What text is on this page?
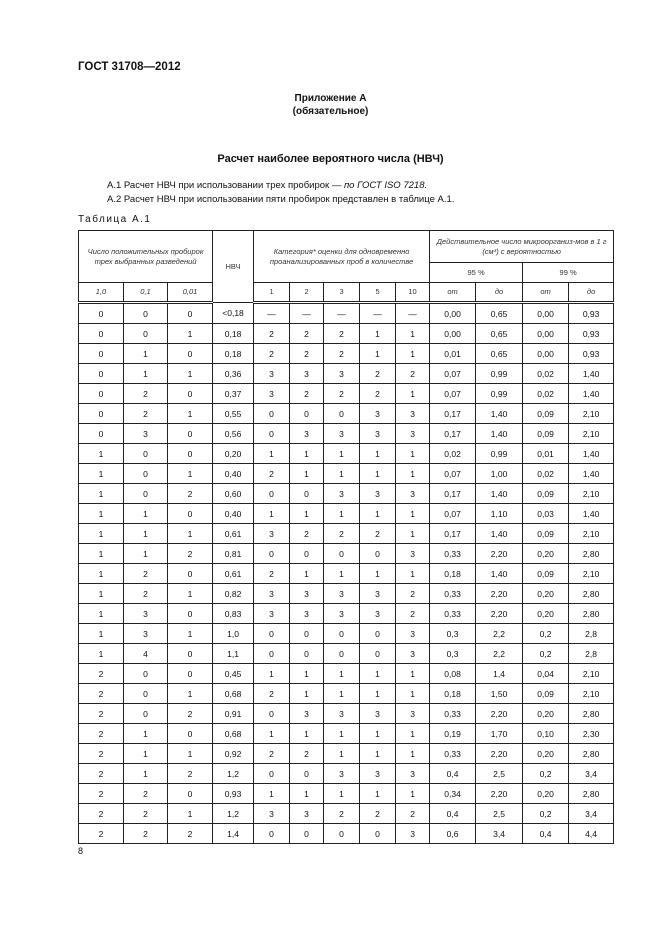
ГОСТ 31708—2012
Приложение А
(обязательное)
Расчет наиболее вероятного числа (НВЧ)
А.1 Расчет НВЧ при использовании трех пробирок — по ГОСТ ISO 7218.
А.2 Расчет НВЧ при использовании пяти пробирок представлен в таблице А.1.
Таблица А.1
Число положительных пробирок трех выбранных разведений			НВЧ	Категория* оценки для одновременно проанализированных проб в количестве					Действительное число микроорганиз-мов в 1 г (см³) с вероятностью			
									95 %		99 %	
1,0	0,1	0,01		1	2	3	5	10	от	до	от	до
0	0	0	<0,18	—	—	—	—	—	0,00	0,65	0,00	0,93
0	0	1	0,18	2	2	2	1	1	0,00	0,65	0,00	0,93
0	1	0	0,18	2	2	2	1	1	0,01	0,65	0,00	0,93
0	1	1	0,36	3	3	3	2	2	0,07	0,99	0,02	1,40
0	2	0	0,37	3	2	2	2	1	0,07	0,99	0,02	1,40
0	2	1	0,55	0	0	0	3	3	0,17	1,40	0,09	2,10
0	3	0	0,56	0	3	3	3	3	0,17	1,40	0,09	2,10
1	0	0	0,20	1	1	1	1	1	0,02	0,99	0,01	1,40
1	0	1	0,40	2	1	1	1	1	0,07	1,00	0,02	1,40
1	0	2	0,60	0	0	3	3	3	0,17	1,40	0,09	2,10
1	1	0	0,40	1	1	1	1	1	0,07	1,10	0,03	1,40
1	1	1	0,61	3	2	2	2	1	0,17	1,40	0,09	2,10
1	1	2	0,81	0	0	0	0	3	0,33	2,20	0,20	2,80
1	2	0	0,61	2	1	1	1	1	0,18	1,40	0,09	2,10
1	2	1	0,82	3	3	3	3	2	0,33	2,20	0,20	2,80
1	3	0	0,83	3	3	3	3	2	0,33	2,20	0,20	2,80
1	3	1	1,0	0	0	0	0	3	0,3	2,2	0,2	2,8
1	4	0	1,1	0	0	0	0	3	0,3	2,2	0,2	2,8
2	0	0	0,45	1	1	1	1	1	0,08	1,4	0,04	2,10
2	0	1	0,68	2	1	1	1	1	0,18	1,50	0,09	2,10
2	0	2	0,91	0	3	3	3	3	0,33	2,20	0,20	2,80
2	1	0	0,68	1	1	1	1	1	0,19	1,70	0,10	2,30
2	1	1	0,92	2	2	1	1	1	0,33	2,20	0,20	2,80
2	1	2	1,2	0	0	3	3	3	0,4	2,5	0,2	3,4
2	2	0	0,93	1	1	1	1	1	0,34	2,20	0,20	2,80
2	2	1	1,2	3	3	2	2	2	0,4	2,5	0,2	3,4
2	2	2	1,4	0	0	0	0	3	0,6	3,4	0,4	4,4
8
